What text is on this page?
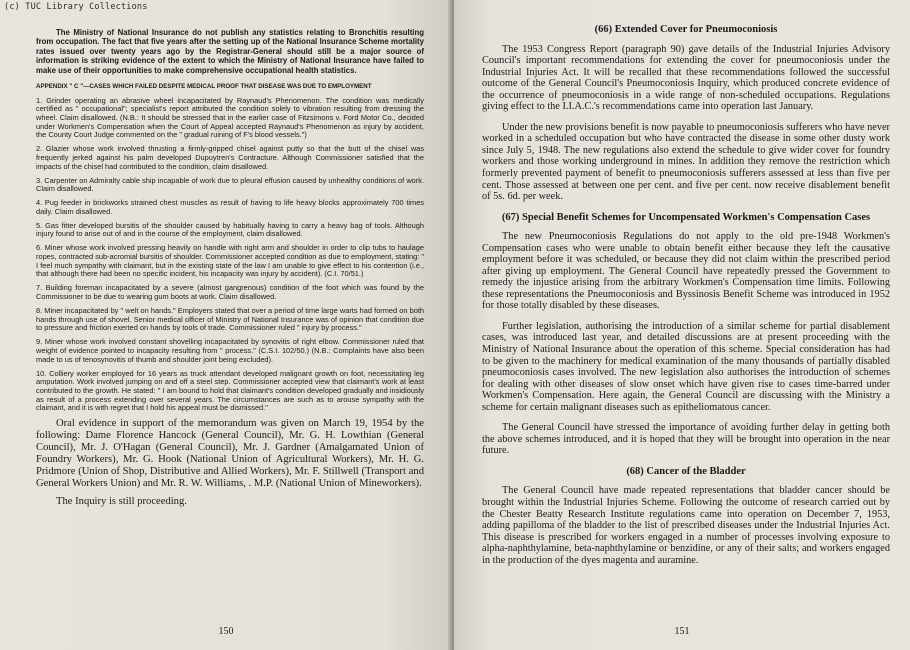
The Ministry of National Insurance do not publish any statistics relating to Bronchitis resulting from occupation. The fact that five years after the setting up of the National Insurance Scheme mortality rates issued over twenty years ago by the Registrar-General should still be a major source of information is striking evidence of the extent to which the Ministry of National Insurance have failed to make use of their opportunities to make comprehensive occupational health statistics.

APPENDIX " C "—CASES WHICH FAILED DESPITE MEDICAL PROOF THAT DISEASE WAS DUE TO EMPLOYMENT

1. Grinder operating an abrasive wheel incapacitated by Raynaud's Phenomenon. The condition was medically certified as " occupational"; specialist's report attributed the condition solely to vibration resulting from dressing the wheel. Claim disallowed. (N.B.: It should be stressed that in the earlier case of Fitzsimons v. Ford Motor Co., decided under Workmen's Compensation when the Court of Appeal accepted Raynaud's Phenomenon as injury by accident, the County Court Judge commented on the " gradual ruining of F's blood vessels.")

2. Glazier whose work involved thrusting a firmly-gripped chisel against putty so that the butt of the chisel was frequently jerked against his palm developed Dupuytren's Contracture. Although Commissioner satisfied that the impacts of the chisel had contributed to the condition, claim disallowed.

3. Carpenter on Admiralty cable ship incapable of work due to pleural effusion caused by unhealthy conditions of work. Claim disallowed.

4. Pug feeder in brickworks strained chest muscles as result of having to life heavy blocks approximately 700 times daily. Claim disallowed.

5. Gas fitter developed bursitis of the shoulder caused by habitually having to carry a heavy bag of tools. Although injury found to arise out of and in the course of the employment, claim disallowed.

6. Miner whose work involved pressing heavily on handle with right arm and shoulder in order to clip tubs to haulage ropes, contracted sub-acromial bursitis of shoulder. Commissioner accepted condition as due to employment, stating: " I feel much sympathy with claimant, but in the existing state of the law I am unable to give effect to his contention (i.e., that although there had been no specific incident, his incapacity was injury by accident). (C.I. 70/51.)

7. Building foreman incapacitated by a severe (almost gangrenous) condition of the foot which was found by the Commissioner to be due to wearing gum boots at work. Claim disallowed.

8. Miner incapacitated by " welt on hands." Employers stated that over a period of time large warts had formed on both hands through use of shovel. Senior medical officer of Ministry of National Insurance was of opinion that condition due to pressure and friction exerted on hands by tools of trade. Commissioner ruled " injury by process."

9. Miner whose work involved constant shovelling incapacitated by synovitis of right elbow. Commissioner ruled that weight of evidence pointed to incapacity resulting from " process." (C.S.I. 102/50.) (N.B.: Complaints have also been made to us of tenosynovitis of thumb and shoulder joint being excluded).

10. Colliery worker employed for 16 years as truck attendant developed malignant growth on foot, necessitating leg amputation. Work involved jumping on and off a steel step. Commissioner accepted view that claimant's work at least contributed to the growth. He stated: " I am bound to hold that claimant's condition developed gradually and insidiously as result of a process extending over several years. The circumstances are such as to arouse sympathy with the claimant, and it is with regret that I hold his appeal must be dismissed."

Oral evidence in support of the memorandum was given on March 19, 1954 by the following: Dame Florence Hancock (General Council), Mr. G. H. Lowthian (General Council), Mr. J. O'Hagan (General Council), Mr. J. Gardner (Amalgamated Union of Foundry Workers), Mr. G. Hook (National Union of Agricultural Workers), Mr. H. G. Pridmore (Union of Shop, Distributive and Allied Workers), Mr. F. Stillwell (Transport and General Workers Union) and Mr. R. W. Williams, . M.P. (National Union of Mineworkers).

The Inquiry is still proceeding.

150

(66) Extended Cover for Pneumoconiosis

The 1953 Congress Report (paragraph 90) gave details of the Industrial Injuries Advisory Council's important recommendations for extending the cover for pneumoconiosis under the Industrial Injuries Act. It will be recalled that these recommendations followed the successful outcome of the General Council's Pneumoconiosis Inquiry, which produced concrete evidence of the occurrence of pneumoconiosis in a wide range of non-scheduled occupations. Regulations giving effect to the I.I.A.C.'s recommendations came into operation last January.

Under the new provisions benefit is now payable to pneumoconiosis sufferers who have never worked in a scheduled occupation but who have contracted the disease in some other dusty work since July 5, 1948. The new regulations also extend the schedule to give wider cover for foundry workers and those working underground in mines. In addition they remove the restriction which formerly prevented payment of benefit to pneumoconiosis sufferers assessed at less than five per cent. Those assessed at between one per cent. and five per cent. now receive disablement benefit of 5s. 6d. per week.

(67) Special Benefit Schemes for Uncompensated Workmen's Compensation Cases

The new Pneumoconiosis Regulations do not apply to the old pre-1948 Workmen's Compensation cases who were unable to obtain benefit either because they left the causative employment before it was scheduled, or because they did not claim within the prescribed period after giving up employment. The General Council have repeatedly pressed the Government to remedy the injustice arising from the arbitrary Workmen's Compensation time limits. Following these representations the Pneumoconiosis and Byssinosis Benefit Scheme was introduced in 1952 for those totally disabled by these diseases.

Further legislation, authorising the introduction of a similar scheme for partial disablement cases, was introduced last year, and detailed discussions are at present proceeding with the Ministry of National Insurance about the operation of this scheme. Special consideration has had to be given to the machinery for medical examination of the many thousands of partially disabled pneumoconiosis cases involved. The new legislation also authorises the introduction of schemes for dealing with other diseases of slow onset which have given rise to cases time-barred under Workmen's Compensation. Here again, the General Council are discussing with the Ministry a scheme for certain malignant diseases such as epitheliomatous cancer.

The General Council have stressed the importance of avoiding further delay in getting both the above schemes introduced, and it is hoped that they will be brought into operation in the near future.

(68) Cancer of the Bladder

The General Council have made repeated representations that bladder cancer should be brought within the Industrial Injuries Scheme. Following the outcome of research carried out by the Chester Beatty Research Institute regulations came into operation on December 7, 1953, adding papilloma of the bladder to the list of prescribed diseases under the Industrial Injuries Act. This disease is prescribed for workers engaged in a number of processes involving exposure to alpha-naphthylamine, beta-naphthylamine or benzidine, or any of their salts; and workers engaged in the production of the dyes magenta and auramine.

151
(c) TUC Library Collections
